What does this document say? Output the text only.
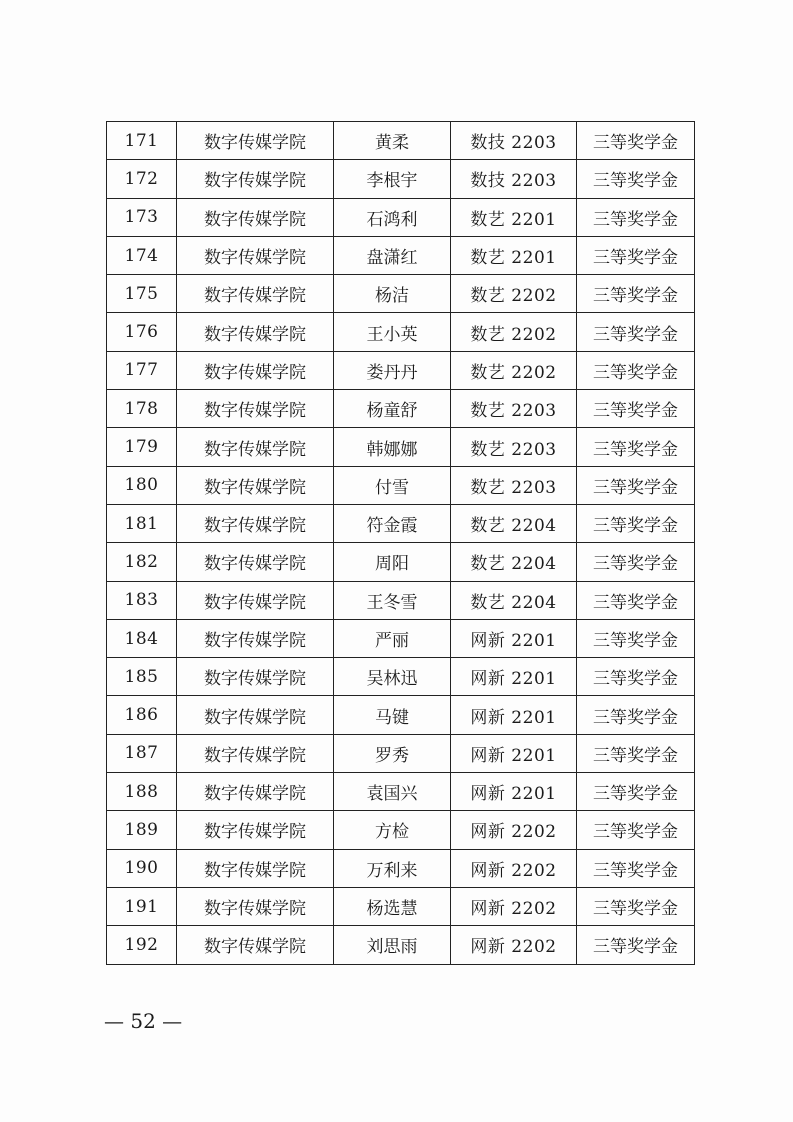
171	数字传媒学院	黄柔	数技 2203	三等奖学金
172	数字传媒学院	李根宇	数技 2203	三等奖学金
173	数字传媒学院	石鸿利	数艺 2201	三等奖学金
174	数字传媒学院	盘潇红	数艺 2201	三等奖学金
175	数字传媒学院	杨洁	数艺 2202	三等奖学金
176	数字传媒学院	王小英	数艺 2202	三等奖学金
177	数字传媒学院	娄丹丹	数艺 2202	三等奖学金
178	数字传媒学院	杨童舒	数艺 2203	三等奖学金
179	数字传媒学院	韩娜娜	数艺 2203	三等奖学金
180	数字传媒学院	付雪	数艺 2203	三等奖学金
181	数字传媒学院	符金霞	数艺 2204	三等奖学金
182	数字传媒学院	周阳	数艺 2204	三等奖学金
183	数字传媒学院	王冬雪	数艺 2204	三等奖学金
184	数字传媒学院	严丽	网新 2201	三等奖学金
185	数字传媒学院	吴林迅	网新 2201	三等奖学金
186	数字传媒学院	马键	网新 2201	三等奖学金
187	数字传媒学院	罗秀	网新 2201	三等奖学金
188	数字传媒学院	袁国兴	网新 2201	三等奖学金
189	数字传媒学院	方检	网新 2202	三等奖学金
190	数字传媒学院	万利来	网新 2202	三等奖学金
191	数字传媒学院	杨选慧	网新 2202	三等奖学金
192	数字传媒学院	刘思雨	网新 2202	三等奖学金
— 52 —
